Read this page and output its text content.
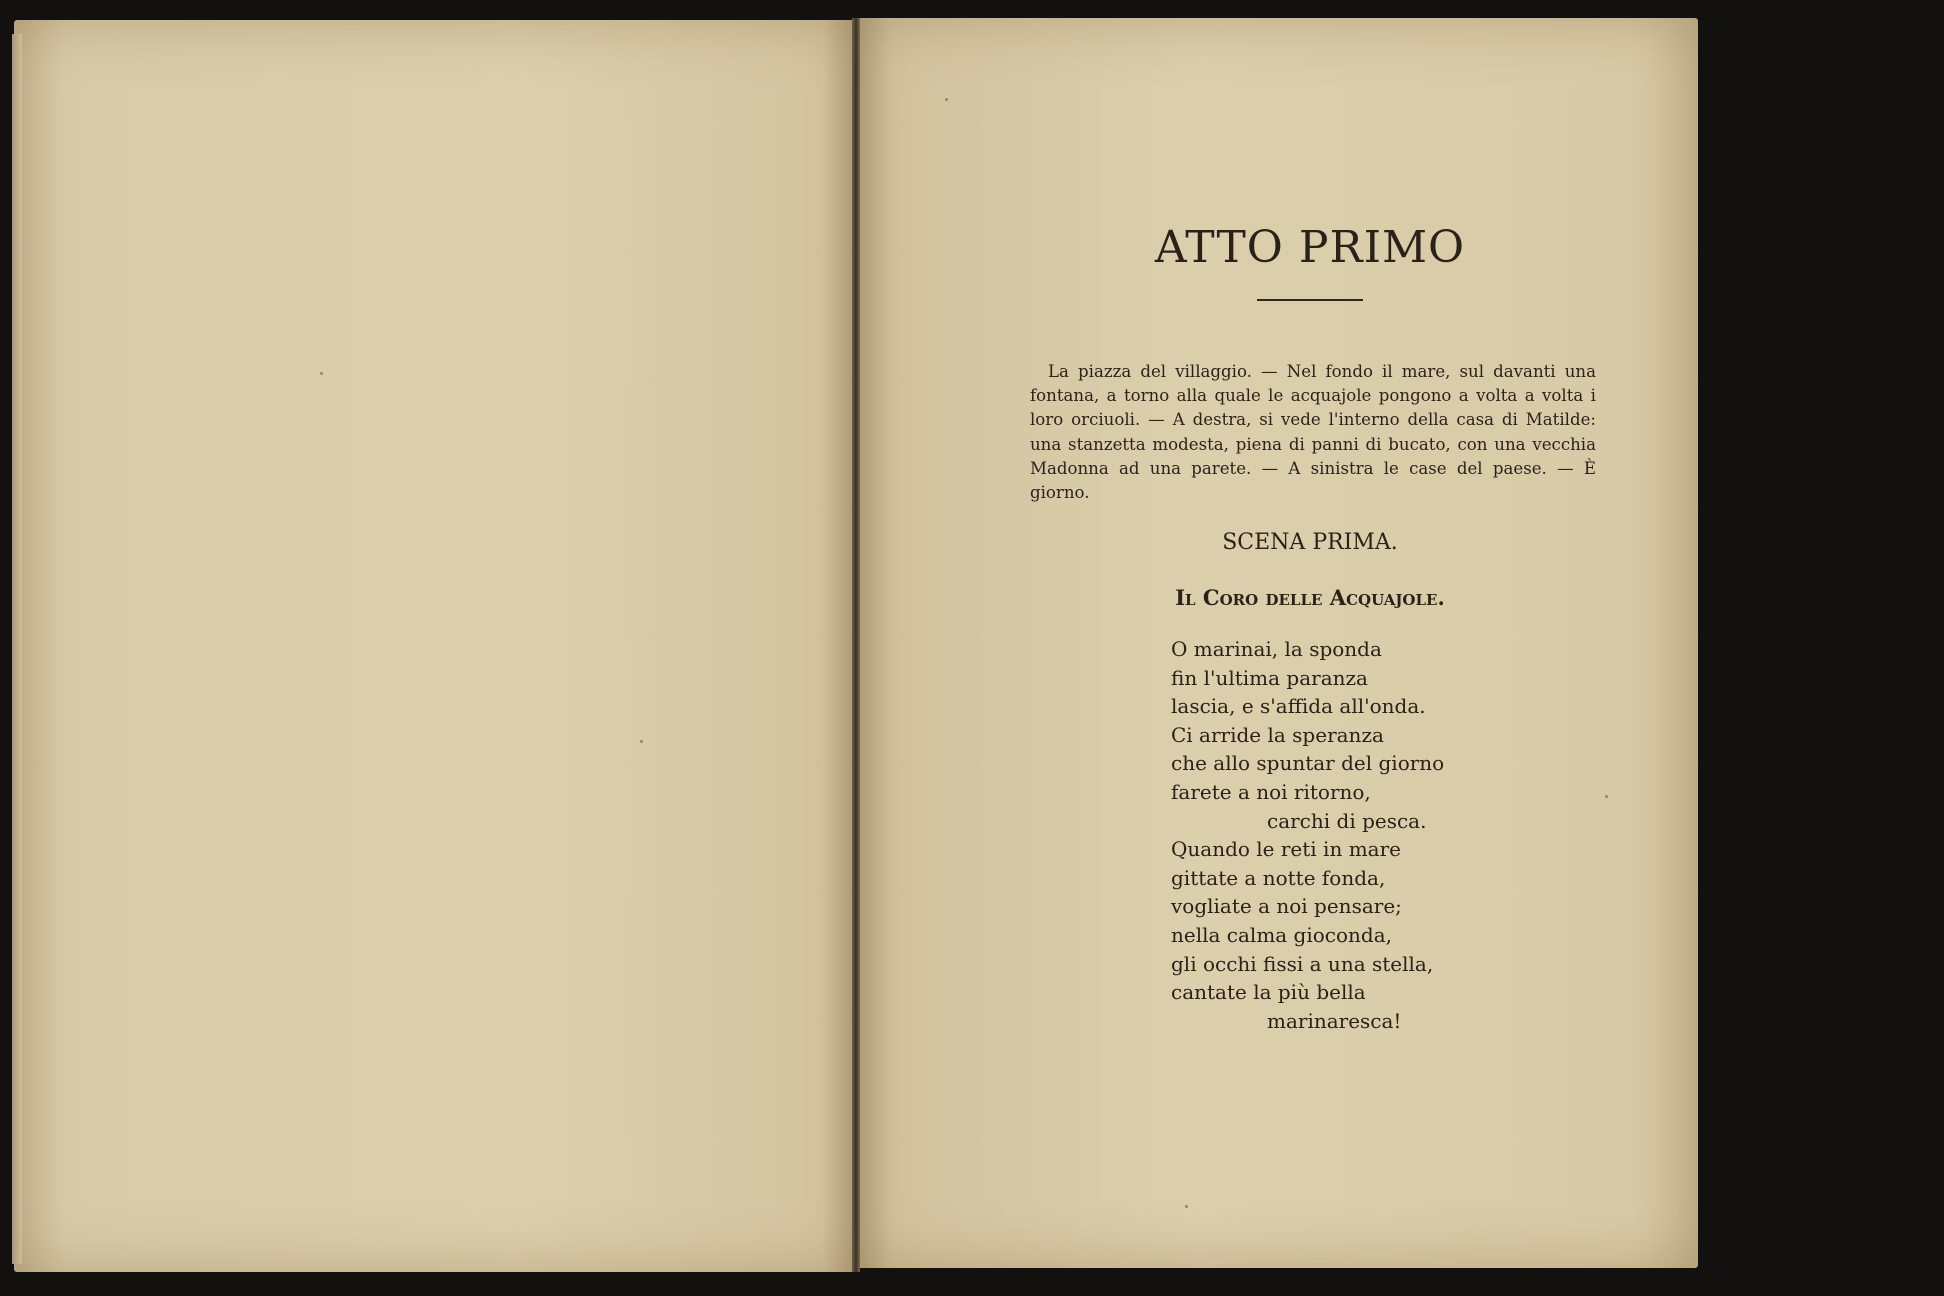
ATTO PRIMO

La piazza del villaggio. — Nel fondo il mare, sul davanti una fontana, a torno alla quale le acquajole pongono a volta a volta i loro orciuoli. — A destra, si vede l'interno della casa di Matilde: una stanzetta modesta, piena di panni di bucato, con una vecchia Madonna ad una parete. — A sinistra le case del paese. — È giorno.

SCENA PRIMA.
Il Coro delle Acquajole.
O marinai, la sponda
fin l'ultima paranza
lascia, e s'affida all'onda.
Ci arride la speranza
che allo spuntar del giorno
farete a noi ritorno,
carchi di pesca.
Quando le reti in mare
gittate a notte fonda,
vogliate a noi pensare;
nella calma gioconda,
gli occhi fissi a una stella,
cantate la più bella
marinaresca!
